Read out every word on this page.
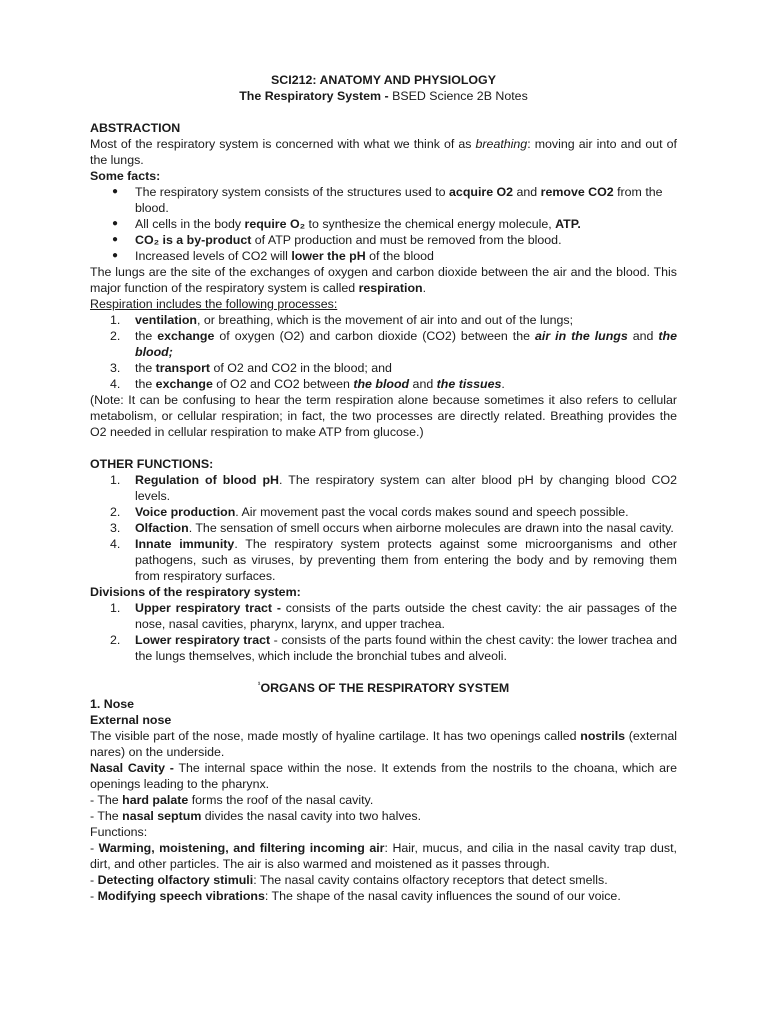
SCI212: ANATOMY AND PHYSIOLOGY

The Respiratory System - BSED Science 2B Notes

ABSTRACTION

Most of the respiratory system is concerned with what we think of as breathing: moving air into and out of the lungs.

Some facts:

● The respiratory system consists of the structures used to acquire O2 and remove CO2 from the blood.
● All cells in the body require O₂ to synthesize the chemical energy molecule, ATP.
● CO₂ is a by-product of ATP production and must be removed from the blood.
● Increased levels of CO2 will lower the pH of the blood

The lungs are the site of the exchanges of oxygen and carbon dioxide between the air and the blood. This major function of the respiratory system is called respiration.

Respiration includes the following processes:

1. ventilation, or breathing, which is the movement of air into and out of the lungs;
2. the exchange of oxygen (O2) and carbon dioxide (CO2) between the air in the lungs and the blood;
3. the transport of O2 and CO2 in the blood; and
4. the exchange of O2 and CO2 between the blood and the tissues.

(Note: It can be confusing to hear the term respiration alone because sometimes it also refers to cellular metabolism, or cellular respiration; in fact, the two processes are directly related. Breathing provides the O2 needed in cellular respiration to make ATP from glucose.)

OTHER FUNCTIONS:

1. Regulation of blood pH. The respiratory system can alter blood pH by changing blood CO2 levels.
2. Voice production. Air movement past the vocal cords makes sound and speech possible.
3. Olfaction. The sensation of smell occurs when airborne molecules are drawn into the nasal cavity.
4. Innate immunity. The respiratory system protects against some microorganisms and other pathogens, such as viruses, by preventing them from entering the body and by removing them from respiratory surfaces.

Divisions of the respiratory system:

1. Upper respiratory tract - consists of the parts outside the chest cavity: the air passages of the nose, nasal cavities, pharynx, larynx, and upper trachea.
2. Lower respiratory tract - consists of the parts found within the chest cavity: the lower trachea and the lungs themselves, which include the bronchial tubes and alveoli.

$^{^1}$ORGANS OF THE RESPIRATORY SYSTEM

1. Nose

External nose

The visible part of the nose, made mostly of hyaline cartilage. It has two openings called nostrils (external nares) on the underside.

Nasal Cavity - The internal space within the nose. It extends from the nostrils to the choana, which are openings leading to the pharynx.

- The hard palate forms the roof of the nasal cavity.

- The nasal septum divides the nasal cavity into two halves.

Functions:

- Warming, moistening, and filtering incoming air: Hair, mucus, and cilia in the nasal cavity trap dust, dirt, and other particles. The air is also warmed and moistened as it passes through.

- Detecting olfactory stimuli: The nasal cavity contains olfactory receptors that detect smells.

- Modifying speech vibrations: The shape of the nasal cavity influences the sound of our voice.
